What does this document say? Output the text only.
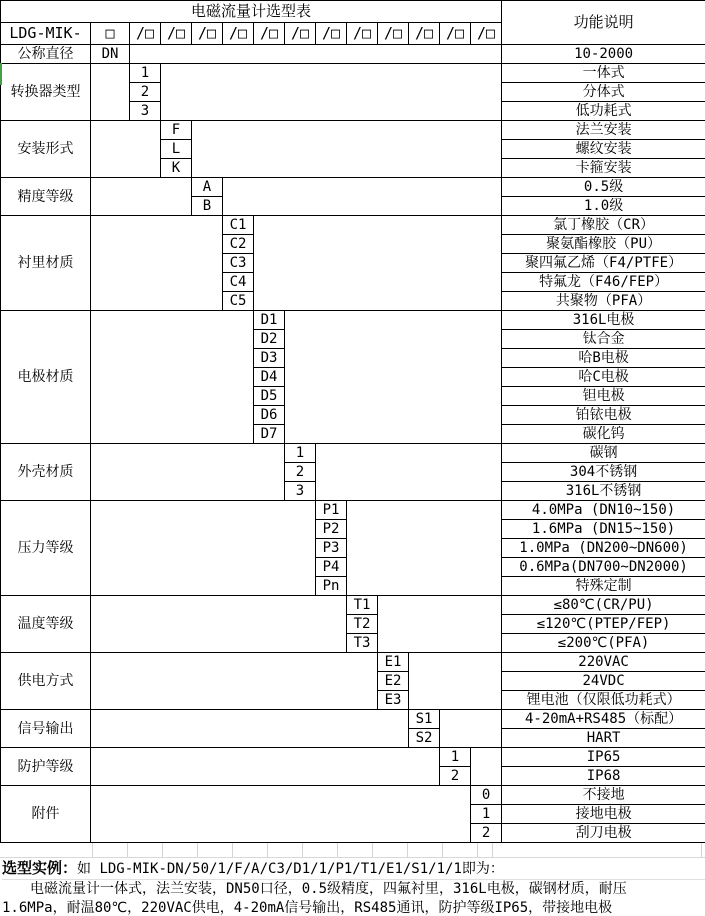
电磁流量计选型表														功能说明
LDG-MIK-	□	/□	/□	/□	/□	/□	/□	/□	/□	/□	/□	/□	/□	
公称直径	DN													10-2000
转换器类型		1												一体式
		2												分体式
		3												低功耗式
安装形式			F											法兰安装
			L											螺纹安装
			K											卡箍安装
精度等级				A										0.5级
				B										1.0级
衬里材质					C1									氯丁橡胶（CR）
					C2									聚氨酯橡胶（PU）
					C3									聚四氟乙烯（F4/PTFE）
					C4									特氟龙（F46/FEP）
					C5									共聚物（PFA）
电极材质						D1								316L电极
						D2								钛合金
						D3								哈B电极
						D4								哈C电极
						D5								钽电极
						D6								铂铱电极
						D7								碳化钨
外壳材质							1							碳钢
							2							304不锈钢
							3							316L不锈钢
压力等级								P1						4.0MPa (DN10~150)
								P2						1.6MPa (DN15~150)
								P3						1.0MPa (DN200~DN600)
								P4						0.6MPa(DN700~DN2000)
								Pn						特殊定制
温度等级									T1					≤80℃(CR/PU)
									T2					≤120℃(PTEP/FEP)
									T3					≤200℃(PFA)
供电方式										E1				220VAC
										E2				24VDC
										E3				锂电池（仅限低功耗式）
信号输出											S1			4-20mA+RS485（标配）
											S2			HART
防护等级												1		IP65
												2		IP68
附件													0	不接地
													1	接地电极
													2	刮刀电极
选型实例：如 LDG-MIK-DN/50/1/F/A/C3/D1/1/P1/T1/E1/S1/1/1即为：
　　电磁流量计一体式，法兰安装，DN50口径，0.5级精度，四氟衬里，316L电极，碳钢材质，耐压
1.6MPa，耐温80℃，220VAC供电，4-20mA信号输出，RS485通讯，防护等级IP65，带接地电极
